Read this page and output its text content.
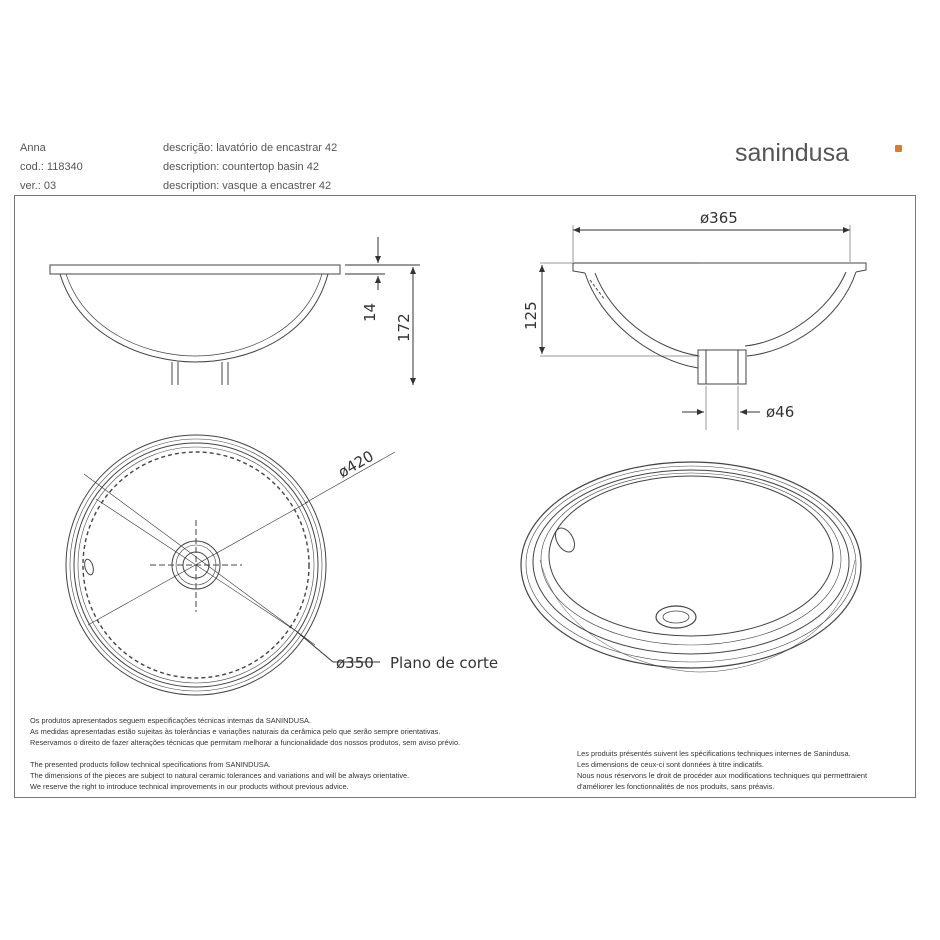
Anna
cod.: 118340
ver.: 03
descrição: lavatório de encastrar 42
description: countertop basin 42
description: vasque a encastrer 42
sanindusa
14
172
ø365
125
ø46
ø420
ø350 Plano de corte
Os produtos apresentados seguem especificações técnicas internas da SANINDUSA.
As medidas apresentadas estão sujeitas às tolerâncias e variações naturais da cerâmica pelo que serão sempre orientativas.
Reservamos o direito de fazer alterações técnicas que permitam melhorar a funcionalidade dos nossos produtos, sem aviso prévio.
The presented products follow technical specifications from SANINDUSA.
The dimensions of the pieces are subject to natural ceramic tolerances and variations and will be always orientative.
We reserve the right to introduce technical improvements in our products without previous advice.
Les produits présentés suivent les spécifications techniques internes de Sanindusa.
Les dimensions de ceux-ci sont données à titre indicatifs.
Nous nous réservons le droit de procéder aux modifications techniques qui permettraient
d'améliorer les fonctionnalités de nos produits, sans préavis.
